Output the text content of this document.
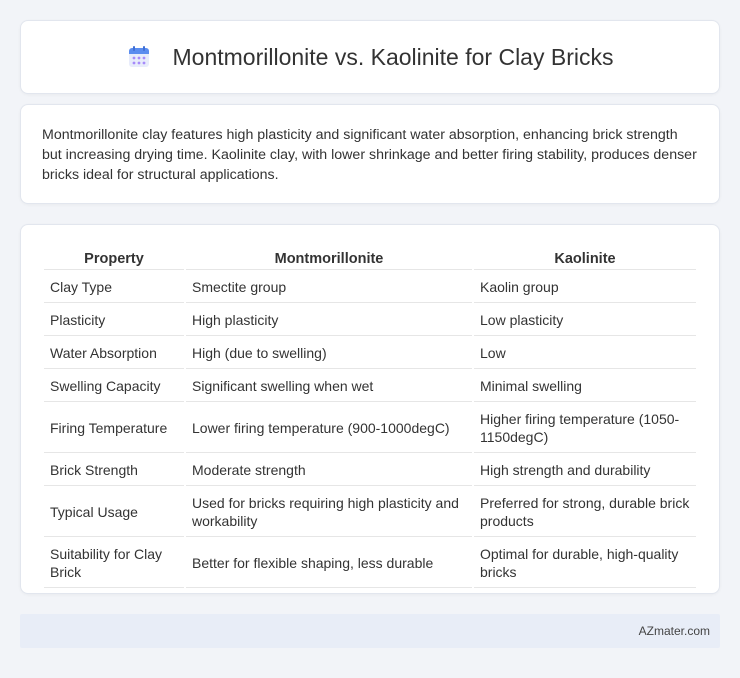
Montmorillonite vs. Kaolinite for Clay Bricks

Montmorillonite clay features high plasticity and significant water absorption, enhancing brick strength but increasing drying time. Kaolinite clay, with lower shrinkage and better firing stability, produces denser bricks ideal for structural applications.

Property	Montmorillonite	Kaolinite
Clay Type	Smectite group	Kaolin group
Plasticity	High plasticity	Low plasticity
Water Absorption	High (due to swelling)	Low
Swelling Capacity	Significant swelling when wet	Minimal swelling
Firing Temperature	Lower firing temperature (900-1000degC)	Higher firing temperature (1050-1150degC)
Brick Strength	Moderate strength	High strength and durability
Typical Usage	Used for bricks requiring high plasticity and workability	Preferred for strong, durable brick products
Suitability for Clay Brick	Better for flexible shaping, less durable	Optimal for durable, high-quality bricks
AZmater.com
